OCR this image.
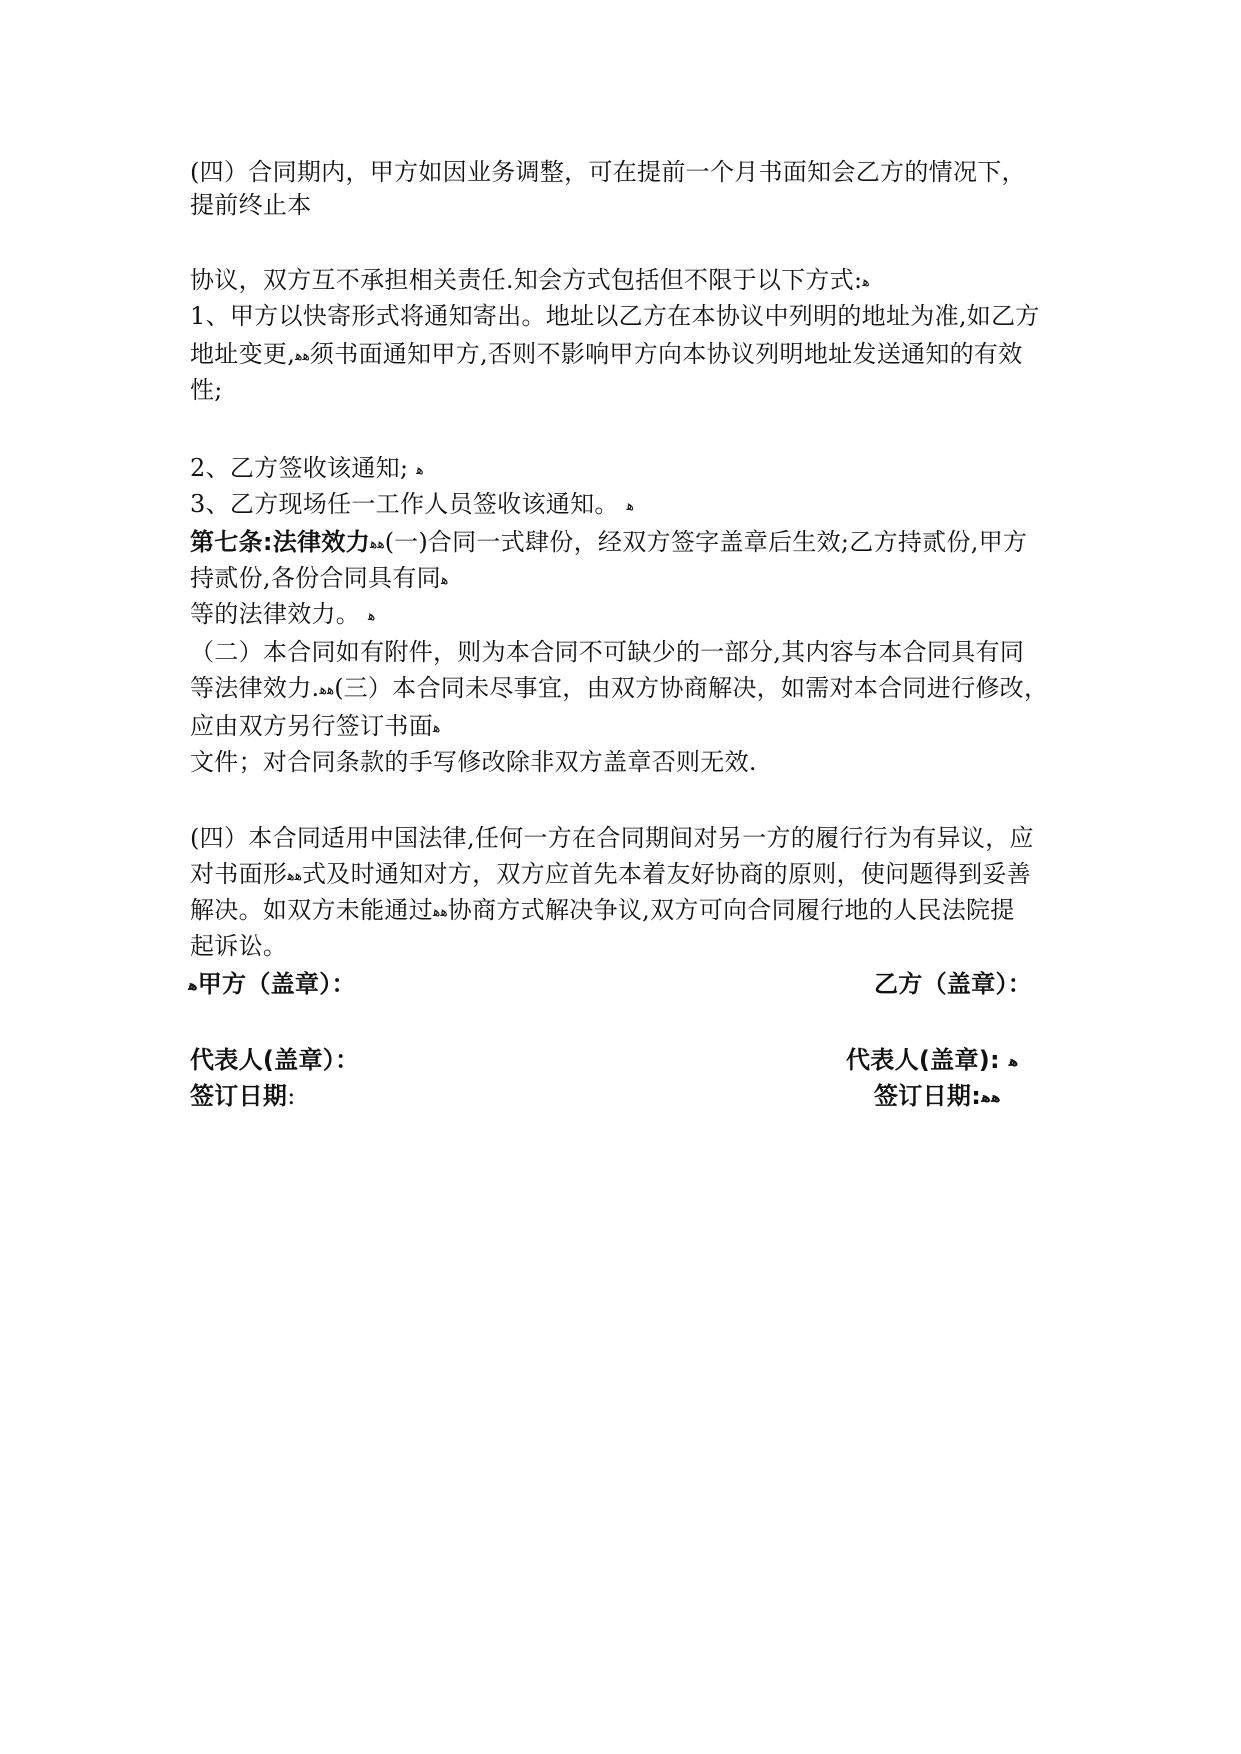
(四）合同期内，甲方如因业务调整，可在提前一个月书面知会乙方的情况下，
提前终止本
协议，双方互不承担相关责任.知会方式包括但不限于以下方式:ﻫ
1、甲方以快寄形式将通知寄出。地址以乙方在本协议中列明的地址为准,如乙方
地址变更,ﻫﻫ须书面通知甲方,否则不影响甲方向本协议列明地址发送通知的有效
性;
2、乙方签收该通知; ﻫ
3、乙方现场任一工作人员签收该通知。 ﻫ
第七条:法律效力ﻫﻫ(一)合同一式肆份，经双方签字盖章后生效;乙方持贰份,甲方
持贰份,各份合同具有同ﻫ
等的法律效力。 ﻫ
（二）本合同如有附件，则为本合同不可缺少的一部分,其内容与本合同具有同
等法律效力.ﻫﻫ(三）本合同未尽事宜，由双方协商解决，如需对本合同进行修改，
应由双方另行签订书面ﻫ
文件；对合同条款的手写修改除非双方盖章否则无效.
(四）本合同适用中国法律,任何一方在合同期间对另一方的履行行为有异议，应
对书面形ﻫﻫ式及时通知对方，双方应首先本着友好协商的原则，使问题得到妥善
解决。如双方未能通过ﻫﻫ协商方式解决争议,双方可向合同履行地的人民法院提
起诉讼。
ﻫ甲方（盖章）：	乙方（盖章）：
代表人(盖章）：	代表人(盖章): ﻫ
签订日期:	签订日期:ﻫﻫ
